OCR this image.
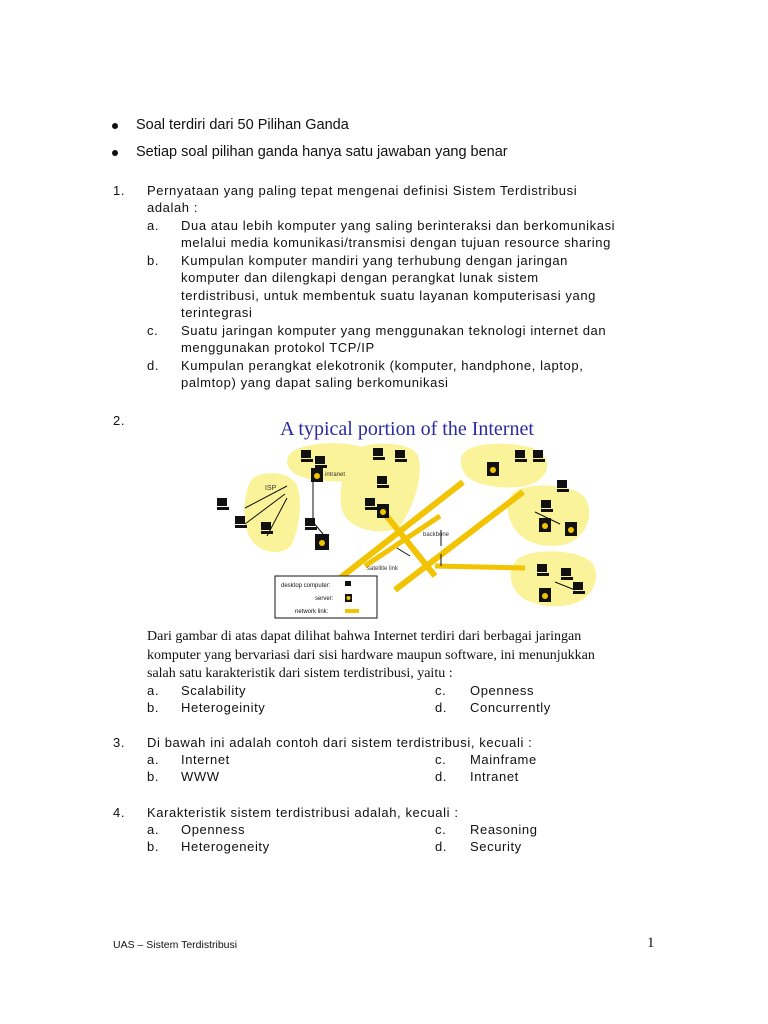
Soal terdiri dari 50 Pilihan Ganda
Setiap soal pilihan ganda hanya satu jawaban yang benar
1. Pernyataan yang paling tepat mengenai definisi Sistem Terdistribusi
adalah :
a. Dua atau lebih komputer yang saling berinteraksi dan berkomunikasi
melalui media komunikasi/transmisi dengan tujuan resource sharing
b. Kumpulan komputer mandiri yang terhubung dengan jaringan
komputer dan dilengkapi dengan perangkat lunak sistem
terdistribusi, untuk membentuk suatu layanan komputerisasi yang
terintegrasi
c. Suatu jaringan komputer yang menggunakan teknologi internet dan
menggunakan protokol TCP/IP
d. Kumpulan perangkat elekotronik (komputer, handphone, laptop,
palmtop) yang dapat saling berkomunikasi
2.	A typical portion of the Internet
intranet
ISP
backbone
satellite link
desktop computer:
server:
network link:
Dari gambar di atas dapat dilihat bahwa Internet terdiri dari berbagai jaringan
komputer yang bervariasi dari sisi hardware maupun software, ini menunjukkan
salah satu karakteristik dari sistem terdistribusi, yaitu :
a. Scalability
b. Heterogeinity
c. Openness
d. Concurrently
3. Di bawah ini adalah contoh dari sistem terdistribusi, kecuali :
a. Internet
b. WWW
c. Mainframe
d. Intranet
4. Karakteristik sistem terdistribusi adalah, kecuali :
a. Openness
b. Heterogeneity
c. Reasoning
d. Security
UAS – Sistem Terdistribusi	1
